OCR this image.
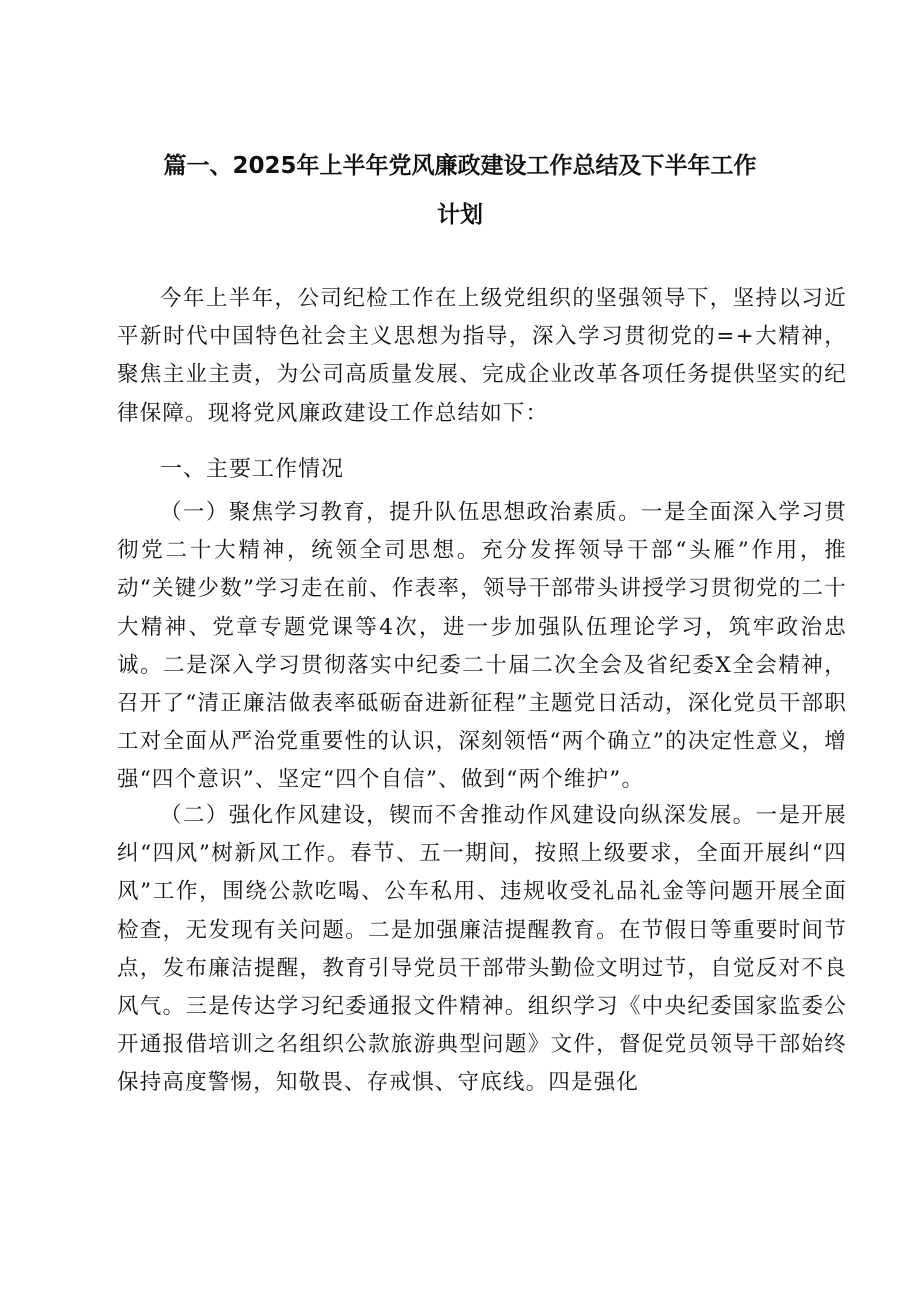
篇一、2025年上半年党风廉政建设工作总结及下半年工作
计划

今年上半年，公司纪检工作在上级党组织的坚强领导下，坚持以习近平新时代中国特色社会主义思想为指导，深入学习贯彻党的=+大精神，聚焦主业主责，为公司高质量发展、完成企业改革各项任务提供坚实的纪律保障。现将党风廉政建设工作总结如下：

一、主要工作情况

（一）聚焦学习教育，提升队伍思想政治素质。一是全面深入学习贯彻党二十大精神，统领全司思想。充分发挥领导干部“头雁”作用，推动“关键少数”学习走在前、作表率，领导干部带头讲授学习贯彻党的二十大精神、党章专题党课等4次，进一步加强队伍理论学习，筑牢政治忠诚。二是深入学习贯彻落实中纪委二十届二次全会及省纪委X全会精神，召开了“清正廉洁做表率砥砺奋进新征程”主题党日活动，深化党员干部职工对全面从严治党重要性的认识，深刻领悟“两个确立”的决定性意义，增强“四个意识”、坚定“四个自信”、做到“两个维护”。

（二）强化作风建设，锲而不舍推动作风建设向纵深发展。一是开展纠“四风”树新风工作。春节、五一期间，按照上级要求，全面开展纠“四风”工作，围绕公款吃喝、公车私用、违规收受礼品礼金等问题开展全面检查，无发现有关问题。二是加强廉洁提醒教育。在节假日等重要时间节点，发布廉洁提醒，教育引导党员干部带头勤俭文明过节，自觉反对不良风气。三是传达学习纪委通报文件精神。组织学习《中央纪委国家监委公开通报借培训之名组织公款旅游典型问题》文件，督促党员领导干部始终保持高度警惕，知敬畏、存戒惧、守底线。四是强化
